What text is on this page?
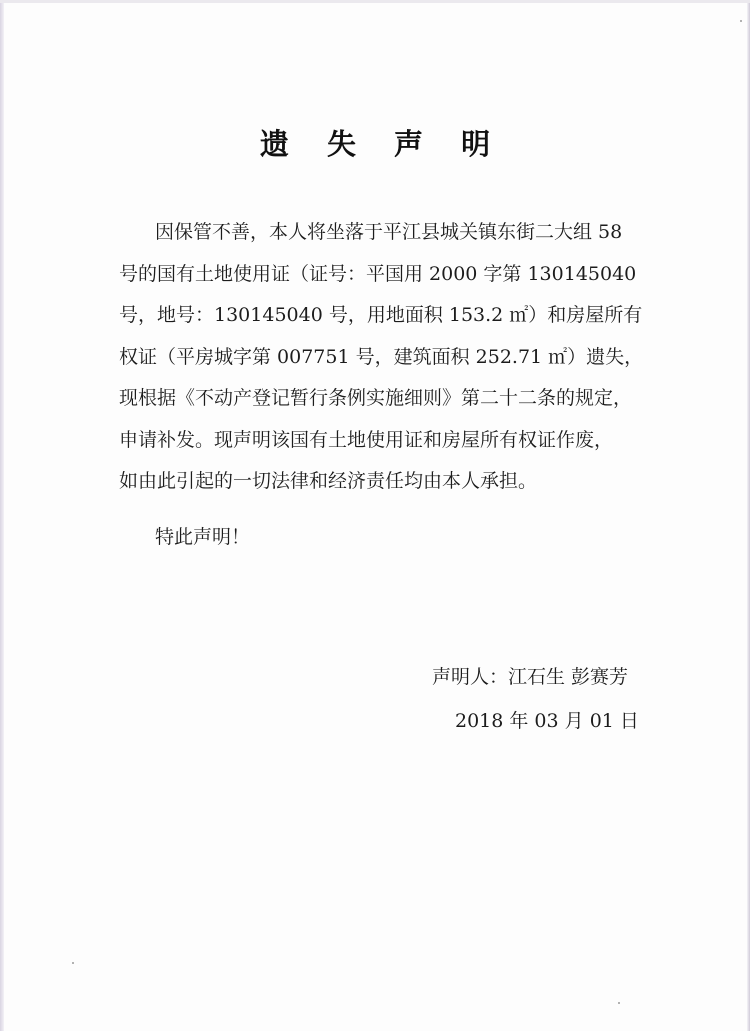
遗 失 声 明
因保管不善，本人将坐落于平江县城关镇东街二大组 58
号的国有土地使用证（证号：平国用 2000 字第 130145040
号，地号：130145040 号，用地面积 153.2 ㎡）和房屋所有
权证（平房城字第 007751 号，建筑面积 252.71 ㎡）遗失，
现根据《不动产登记暂行条例实施细则》第二十二条的规定，
申请补发。现声明该国有土地使用证和房屋所有权证作废，
如由此引起的一切法律和经济责任均由本人承担。
特此声明！
声明人：江石生 彭赛芳
2018 年 03 月 01 日
